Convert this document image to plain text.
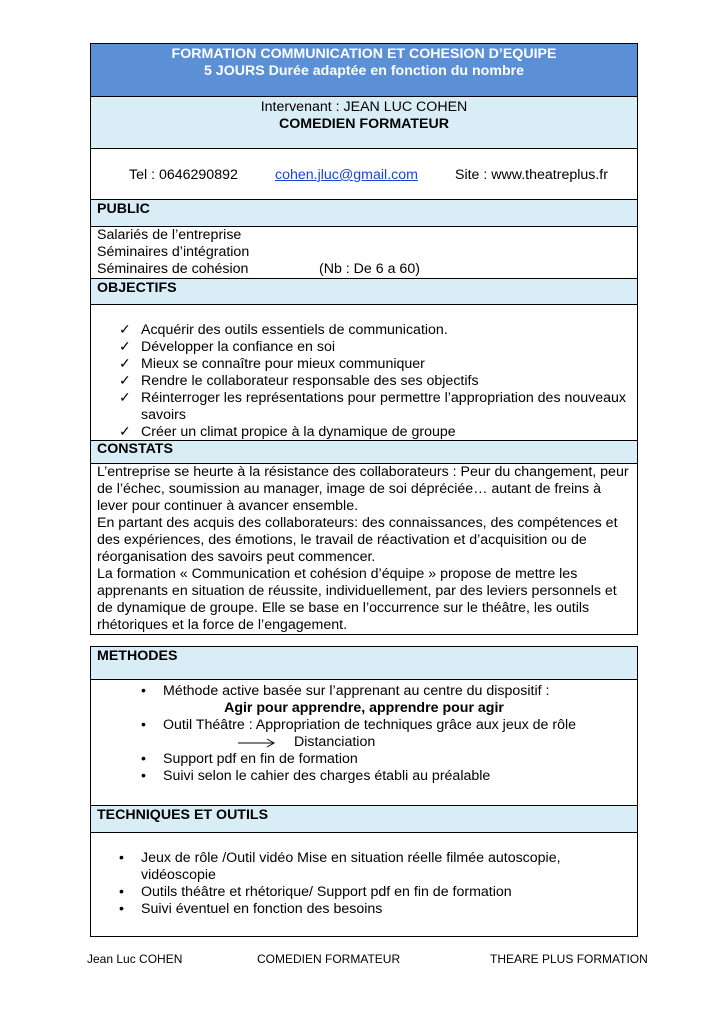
FORMATION COMMUNICATION ET COHESION D’EQUIPE
5 JOURS Durée adaptée en fonction du nombre
Intervenant : JEAN LUC COHEN
COMEDIEN FORMATEUR
Tel : 0646290892	cohen.jluc@gmail.com	Site : www.theatreplus.fr
PUBLIC
Salariés de l’entreprise
Séminaires d’intégration
Séminaires de cohésion	(Nb : De 6 a 60)
OBJECTIFS
✓ Acquérir des outils essentiels de communication.
✓ Développer la confiance en soi
✓ Mieux se connaître pour mieux communiquer
✓ Rendre le collaborateur responsable des ses objectifs
✓ Réinterroger les représentations pour permettre l’appropriation des nouveaux savoirs
✓ Créer un climat propice à la dynamique de groupe
CONSTATS
L’entreprise se heurte à la résistance des collaborateurs : Peur du changement, peur de l’échec, soumission au manager, image de soi dépréciée… autant de freins à lever pour continuer à avancer ensemble.
En partant des acquis des collaborateurs: des connaissances, des compétences et des expériences, des émotions, le travail de réactivation et d’acquisition ou de réorganisation des savoirs peut commencer.
La formation « Communication et cohésion d’équipe » propose de mettre les apprenants en situation de réussite, individuellement, par des leviers personnels et de dynamique de groupe. Elle se base en l’occurrence sur le théâtre, les outils rhétoriques et la force de l’engagement.
METHODES
• Méthode active basée sur l’apprenant au centre du dispositif :
Agir pour apprendre, apprendre pour agir
• Outil Théâtre : Appropriation de techniques grâce aux jeux de rôle
Distanciation
• Support pdf en fin de formation
• Suivi selon le cahier des charges établi au préalable
TECHNIQUES ET OUTILS
• Jeux de rôle /Outil vidéo Mise en situation réelle filmée autoscopie, vidéoscopie
• Outils théâtre et rhétorique/ Support pdf en fin de formation
• Suivi éventuel en fonction des besoins
Jean Luc COHEN	COMEDIEN FORMATEUR	THEARE PLUS FORMATION
